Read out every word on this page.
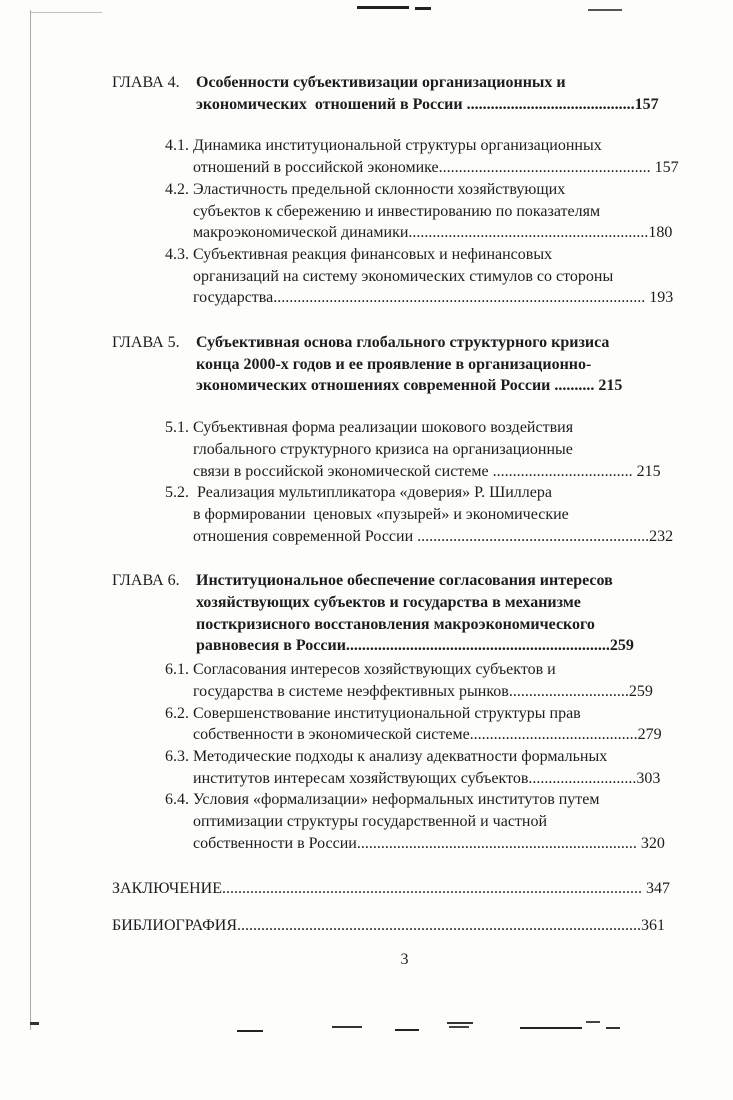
ГЛАВА 4.	Особенности субъективизации организационных и
экономических  отношений в России ..........................................157
4.1. Динамика институциональной структуры организационных
отношений в российской экономике..................................................... 157
4.2. Эластичность предельной склонности хозяйствующих
субъектов к сбережению и инвестированию по показателям
макроэкономической динамики............................................................180
4.3. Субъективная реакция финансовых и нефинансовых
организаций на систему экономических стимулов со стороны
государства............................................................................................. 193
ГЛАВА 5.	Субъективная основа глобального структурного кризиса
конца 2000-х годов и ее проявление в организационно-
экономических отношениях современной России .......... 215
5.1. Субъективная форма реализации шокового воздействия
глобального структурного кризиса на организационные
связи в российской экономической системе ................................... 215
5.2.  Реализация мультипликатора «доверия» Р. Шиллера
в формировании  ценовых «пузырей» и экономические
отношения современной России ..........................................................232
ГЛАВА 6.	Институциональное обеспечение согласования интересов
хозяйствующих субъектов и государства в механизме
посткризисного восстановления макроэкономического
равновесия в России..................................................................259
6.1. Согласования интересов хозяйствующих субъектов и
государства в системе неэффективных рынков..............................259
6.2. Совершенствование институциональной структуры прав
собственности в экономической системе..........................................279
6.3. Методические подходы к анализу адекватности формальных
институтов интересам хозяйствующих субъектов...........................303
6.4. Условия «формализации» неформальных институтов путем
оптимизации структуры государственной и частной
собственности в России...................................................................... 320
ЗАКЛЮЧЕНИЕ......................................................................................................... 347
БИБЛИОГРАФИЯ.....................................................................................................361
3
